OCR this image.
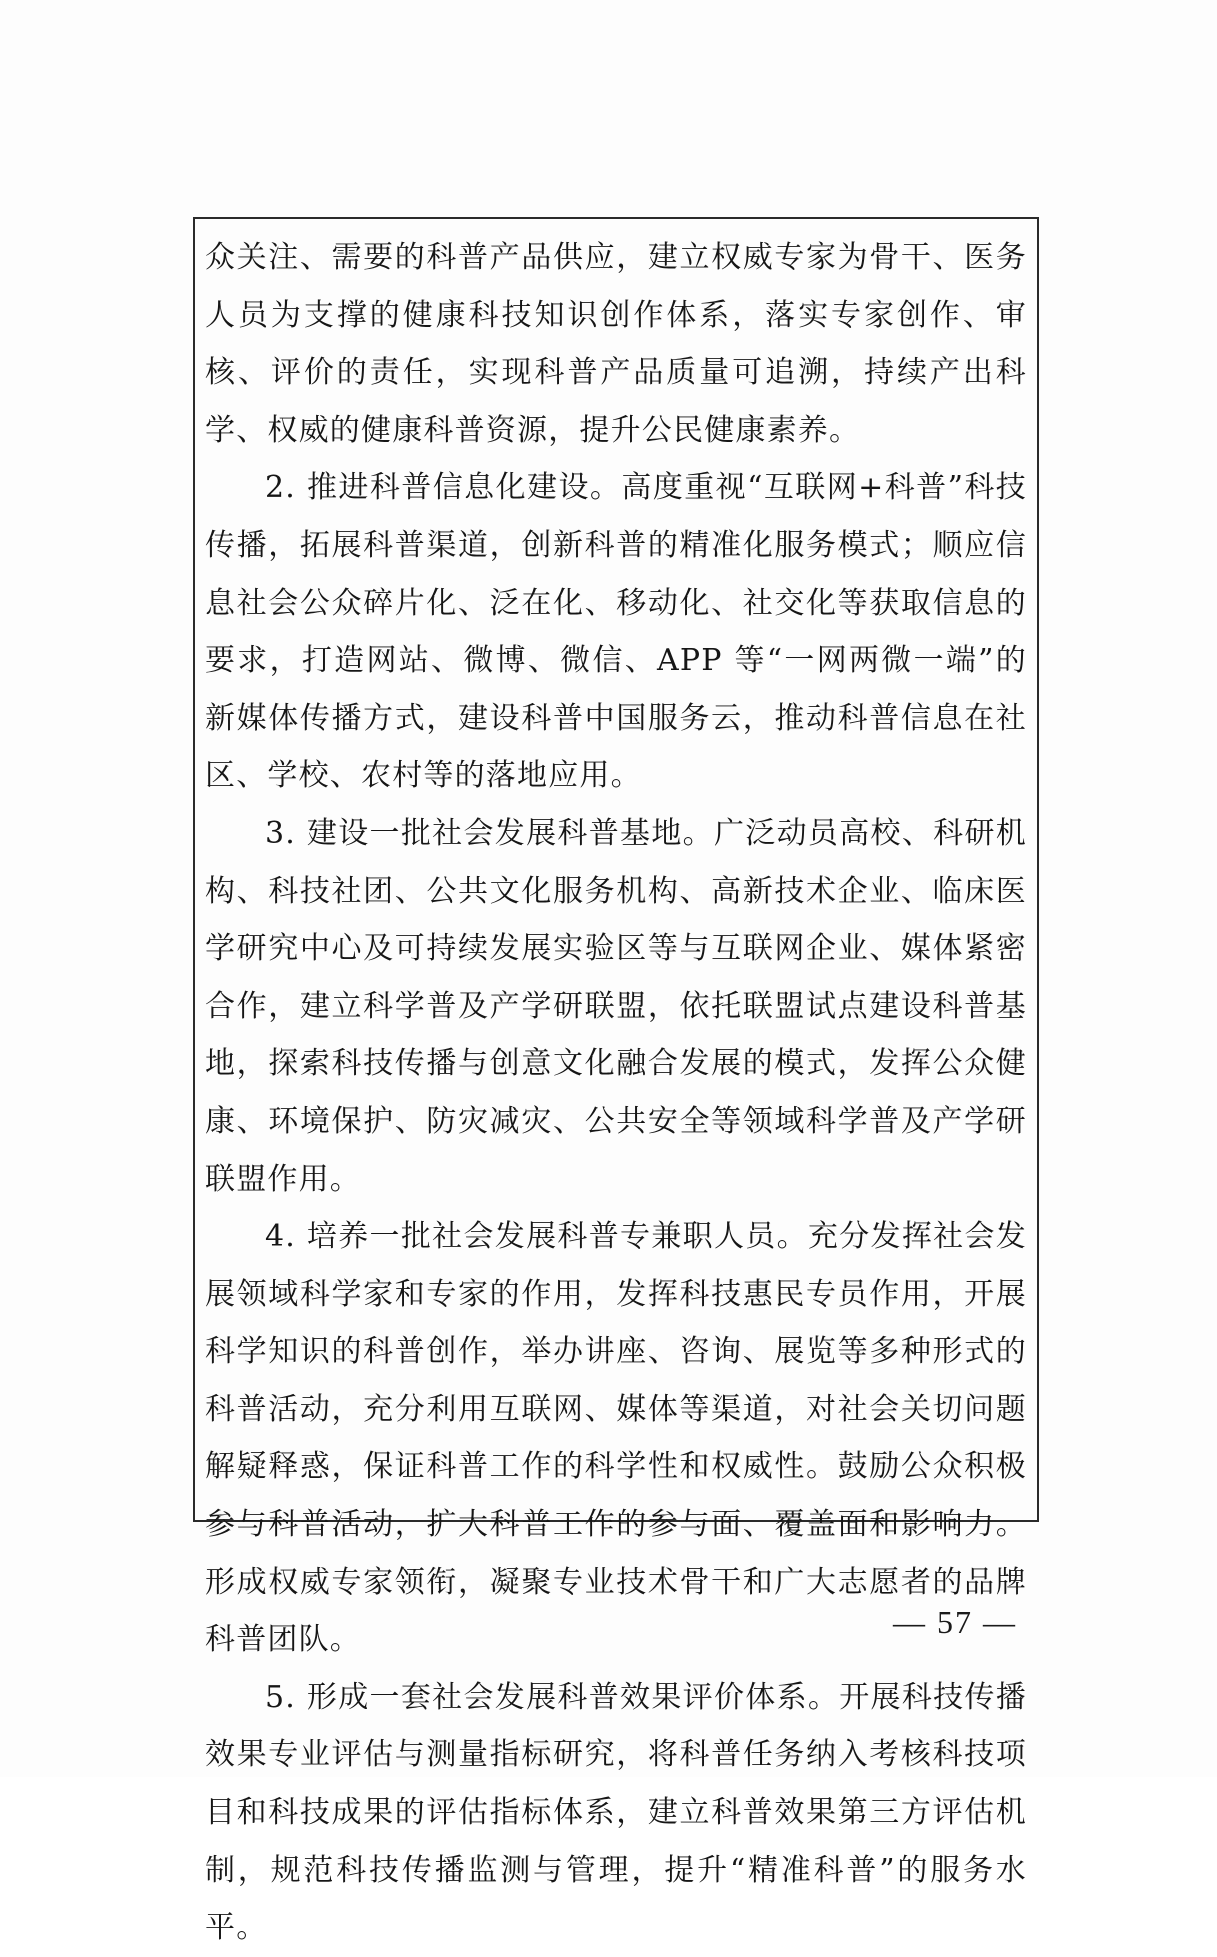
众关注、需要的科普产品供应，建立权威专家为骨干、医务人员为支撑的健康科技知识创作体系，落实专家创作、审核、评价的责任，实现科普产品质量可追溯，持续产出科学、权威的健康科普资源，提升公民健康素养。

2. 推进科普信息化建设。高度重视“互联网+科普”科技传播，拓展科普渠道，创新科普的精准化服务模式；顺应信息社会公众碎片化、泛在化、移动化、社交化等获取信息的要求，打造网站、微博、微信、APP 等“一网两微一端”的新媒体传播方式，建设科普中国服务云，推动科普信息在社区、学校、农村等的落地应用。

3. 建设一批社会发展科普基地。广泛动员高校、科研机构、科技社团、公共文化服务机构、高新技术企业、临床医学研究中心及可持续发展实验区等与互联网企业、媒体紧密合作，建立科学普及产学研联盟，依托联盟试点建设科普基地，探索科技传播与创意文化融合发展的模式，发挥公众健康、环境保护、防灾减灾、公共安全等领域科学普及产学研联盟作用。

4. 培养一批社会发展科普专兼职人员。充分发挥社会发展领域科学家和专家的作用，发挥科技惠民专员作用，开展科学知识的科普创作，举办讲座、咨询、展览等多种形式的科普活动，充分利用互联网、媒体等渠道，对社会关切问题解疑释惑，保证科普工作的科学性和权威性。鼓励公众积极参与科普活动，扩大科普工作的参与面、覆盖面和影响力。形成权威专家领衔，凝聚专业技术骨干和广大志愿者的品牌科普团队。

5. 形成一套社会发展科普效果评价体系。开展科技传播效果专业评估与测量指标研究，将科普任务纳入考核科技项目和科技成果的评估指标体系，建立科普效果第三方评估机制，规范科技传播监测与管理，提升“精准科普”的服务水平。

— 57 —
